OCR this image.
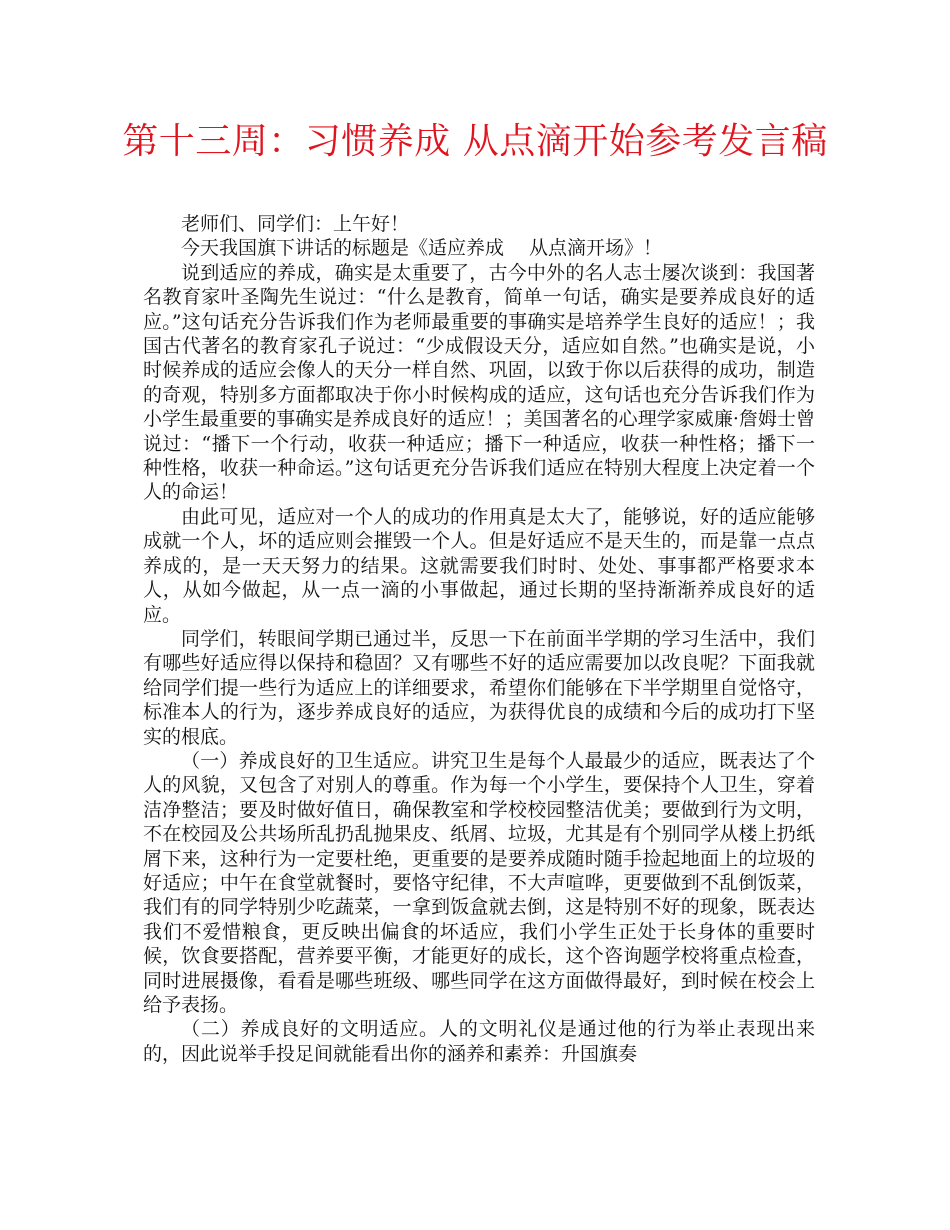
第十三周：习惯养成 从点滴开始参考发言稿

老师们、同学们：上午好！

今天我国旗下讲话的标题是《适应养成　 从点滴开场》！

说到适应的养成，确实是太重要了，古今中外的名人志士屡次谈到：我国著名教育家叶圣陶先生说过：“什么是教育，简单一句话，确实是要养成良好的适应。”这句话充分告诉我们作为老师最重要的事确实是培养学生良好的适应！；我国古代著名的教育家孔子说过：“少成假设天分，适应如自然。”也确实是说，小时候养成的适应会像人的天分一样自然、巩固，以致于你以后获得的成功，制造的奇观，特别多方面都取决于你小时候构成的适应，这句话也充分告诉我们作为小学生最重要的事确实是养成良好的适应！；美国著名的心理学家威廉·詹姆士曾说过：“播下一个行动，收获一种适应；播下一种适应，收获一种性格；播下一种性格，收获一种命运。”这句话更充分告诉我们适应在特别大程度上决定着一个人的命运！

由此可见，适应对一个人的成功的作用真是太大了，能够说，好的适应能够成就一个人，坏的适应则会摧毁一个人。但是好适应不是天生的，而是靠一点点养成的，是一天天努力的结果。这就需要我们时时、处处、事事都严格要求本人，从如今做起，从一点一滴的小事做起，通过长期的坚持渐渐养成良好的适应。

同学们，转眼间学期已通过半，反思一下在前面半学期的学习生活中，我们有哪些好适应得以保持和稳固？又有哪些不好的适应需要加以改良呢？下面我就给同学们提一些行为适应上的详细要求，希望你们能够在下半学期里自觉恪守，标准本人的行为，逐步养成良好的适应，为获得优良的成绩和今后的成功打下坚实的根底。

（一）养成良好的卫生适应。讲究卫生是每个人最最少的适应，既表达了个人的风貌，又包含了对别人的尊重。作为每一个小学生，要保持个人卫生，穿着洁净整洁；要及时做好值日，确保教室和学校校园整洁优美；要做到行为文明，不在校园及公共场所乱扔乱抛果皮、纸屑、垃圾，尤其是有个别同学从楼上扔纸屑下来，这种行为一定要杜绝，更重要的是要养成随时随手捡起地面上的垃圾的好适应；中午在食堂就餐时，要恪守纪律，不大声喧哗，更要做到不乱倒饭菜，我们有的同学特别少吃蔬菜，一拿到饭盒就去倒，这是特别不好的现象，既表达我们不爱惜粮食，更反映出偏食的坏适应，我们小学生正处于长身体的重要时候，饮食要搭配，营养要平衡，才能更好的成长，这个咨询题学校将重点检查，同时进展摄像，看看是哪些班级、哪些同学在这方面做得最好，到时候在校会上给予表扬。

（二）养成良好的文明适应。人的文明礼仪是通过他的行为举止表现出来的，因此说举手投足间就能看出你的涵养和素养：升国旗奏
